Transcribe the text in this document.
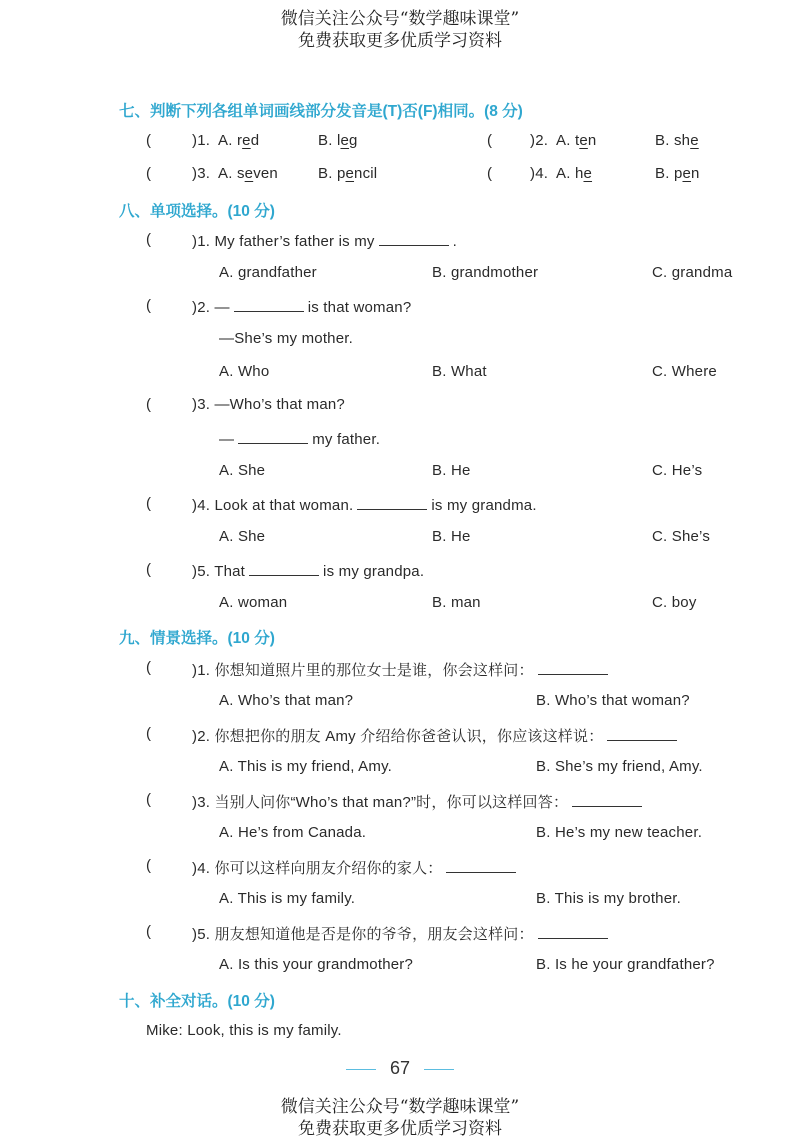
微信关注公众号“数学趣味课堂”
免费获取更多优质学习资料
七、判断下列各组单词画线部分发音是(T)否(F)相同。(8 分)
(	)1. A. red	B. leg	(	)2. A. ten	B. she
(	)3. A. seven	B. pencil	(	)4. A. he	B. pen
八、单项选择。(10 分)
(	)1. My father’s father is my	.
A. grandfather	B. grandmother	C. grandma
(	)2. —	is that woman?
—She’s my mother.
A. Who	B. What	C. Where
(	)3. —Who’s that man?
—	my father.
A. She	B. He	C. He’s
(	)4. Look at that woman.	is my grandma.
A. She	B. He	C. She’s
(	)5. That	is my grandpa.
A. woman	B. man	C. boy
九、情景选择。(10 分)
(	)1. 你想知道照片里的那位女士是谁，你会这样问：
A. Who’s that man?	B. Who’s that woman?
(	)2. 你想把你的朋友 Amy 介绍给你爸爸认识，你应该这样说：
A. This is my friend, Amy.	B. She’s my friend, Amy.
(	)3. 当别人问你“Who’s that man?”时，你可以这样回答：
A. He’s from Canada.	B. He’s my new teacher.
(	)4. 你可以这样向朋友介绍你的家人：
A. This is my family.	B. This is my brother.
(	)5. 朋友想知道他是否是你的爷爷，朋友会这样问：
A. Is this your grandmother?	B. Is he your grandfather?
十、补全对话。(10 分)
Mike: Look, this is my family.
67
微信关注公众号“数学趣味课堂”
免费获取更多优质学习资料
